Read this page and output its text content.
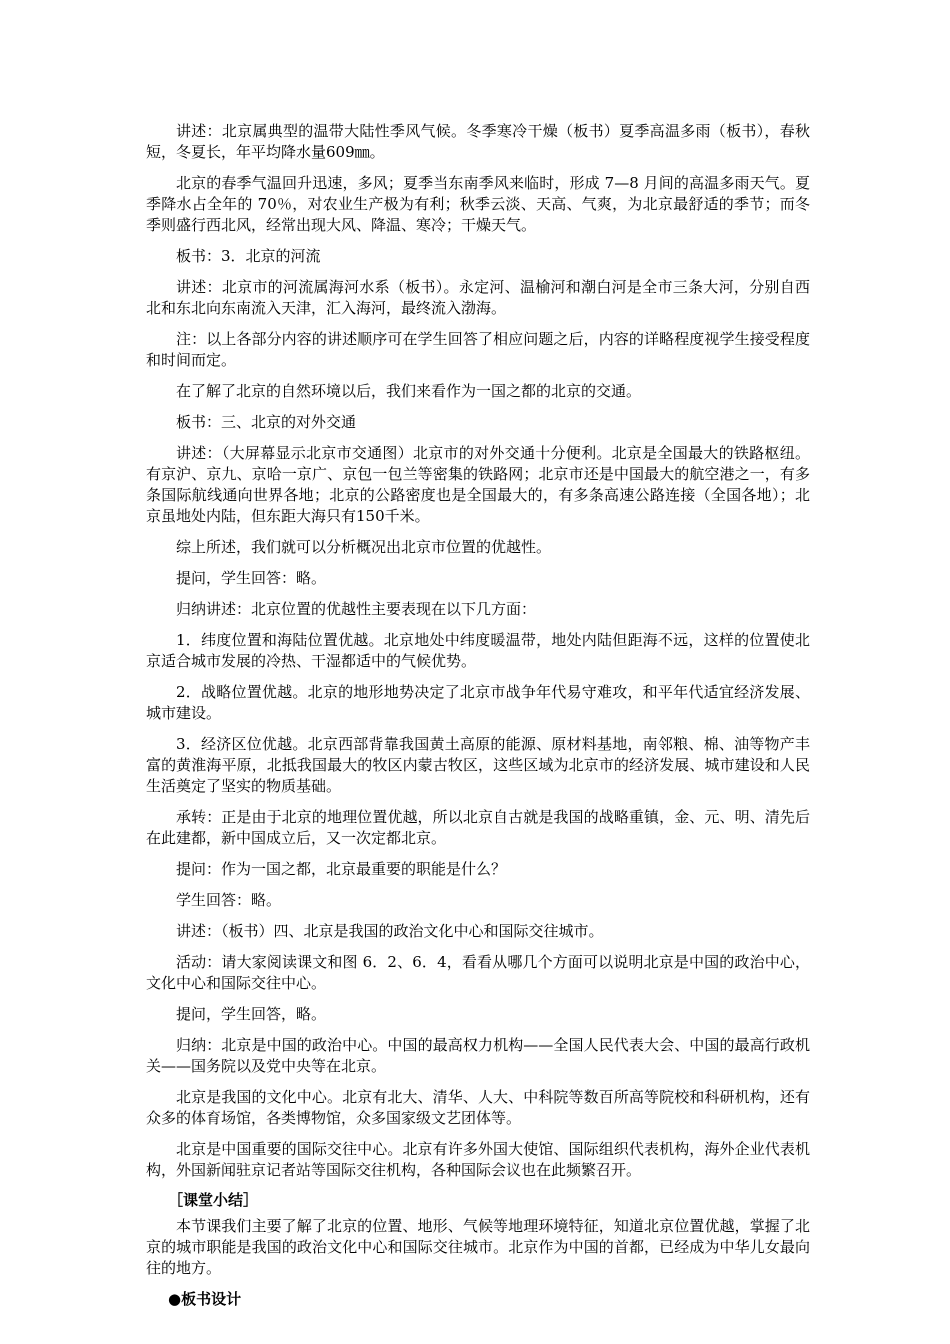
讲述：北京属典型的温带大陆性季风气候。冬季寒冷干燥（板书）夏季高温多雨（板书），春秋短，冬夏长，年平均降水量609㎜。

北京的春季气温回升迅速，多风；夏季当东南季风来临时，形成 7—8 月间的高温多雨天气。夏季降水占全年的 70％，对农业生产极为有利；秋季云淡、天高、气爽，为北京最舒适的季节；而冬季则盛行西北风，经常出现大风、降温、寒冷；干燥天气。

板书：3．北京的河流

讲述：北京市的河流属海河水系（板书）。永定河、温榆河和潮白河是全市三条大河，分别自西北和东北向东南流入天津，汇入海河，最终流入渤海。

注：以上各部分内容的讲述顺序可在学生回答了相应问题之后，内容的详略程度视学生接受程度和时间而定。

在了解了北京的自然环境以后，我们来看作为一国之都的北京的交通。

板书：三、北京的对外交通

讲述：（大屏幕显示北京市交通图）北京市的对外交通十分便利。北京是全国最大的铁路枢纽。有京沪、京九、京哈一京广、京包一包兰等密集的铁路网；北京市还是中国最大的航空港之一，有多条国际航线通向世界各地；北京的公路密度也是全国最大的，有多条高速公路连接（全国各地）；北京虽地处内陆，但东距大海只有150千米。

综上所述，我们就可以分析概况出北京市位置的优越性。

提问，学生回答：略。

归纳讲述：北京位置的优越性主要表现在以下几方面：

1．纬度位置和海陆位置优越。北京地处中纬度暖温带，地处内陆但距海不远，这样的位置使北京适合城市发展的冷热、干湿都适中的气候优势。

2．战略位置优越。北京的地形地势决定了北京市战争年代易守难攻，和平年代适宜经济发展、城市建设。

3．经济区位优越。北京西部背靠我国黄土高原的能源、原材料基地，南邻粮、棉、油等物产丰富的黄淮海平原，北抵我国最大的牧区内蒙古牧区，这些区域为北京市的经济发展、城市建设和人民生活奠定了坚实的物质基础。

承转：正是由于北京的地理位置优越，所以北京自古就是我国的战略重镇，金、元、明、清先后在此建都，新中国成立后，又一次定都北京。

提问：作为一国之都，北京最重要的职能是什么？

学生回答：略。

讲述：（板书）四、北京是我国的政治文化中心和国际交往城市。

活动：请大家阅读课文和图 6．2、6．4，看看从哪几个方面可以说明北京是中国的政治中心，文化中心和国际交往中心。

提问，学生回答，略。

归纳：北京是中国的政治中心。中国的最高权力机构——全国人民代表大会、中国的最高行政机关——国务院以及党中央等在北京。

北京是我国的文化中心。北京有北大、清华、人大、中科院等数百所高等院校和科研机构，还有众多的体育场馆，各类博物馆，众多国家级文艺团体等。

北京是中国重要的国际交往中心。北京有许多外国大使馆、国际组织代表机构，海外企业代表机构，外国新闻驻京记者站等国际交往机构，各种国际会议也在此频繁召开。

［课堂小结］

本节课我们主要了解了北京的位置、地形、气候等地理环境特征，知道北京位置优越，掌握了北京的城市职能是我国的政治文化中心和国际交往城市。北京作为中国的首都，已经成为中华儿女最向往的地方。

●板书设计
